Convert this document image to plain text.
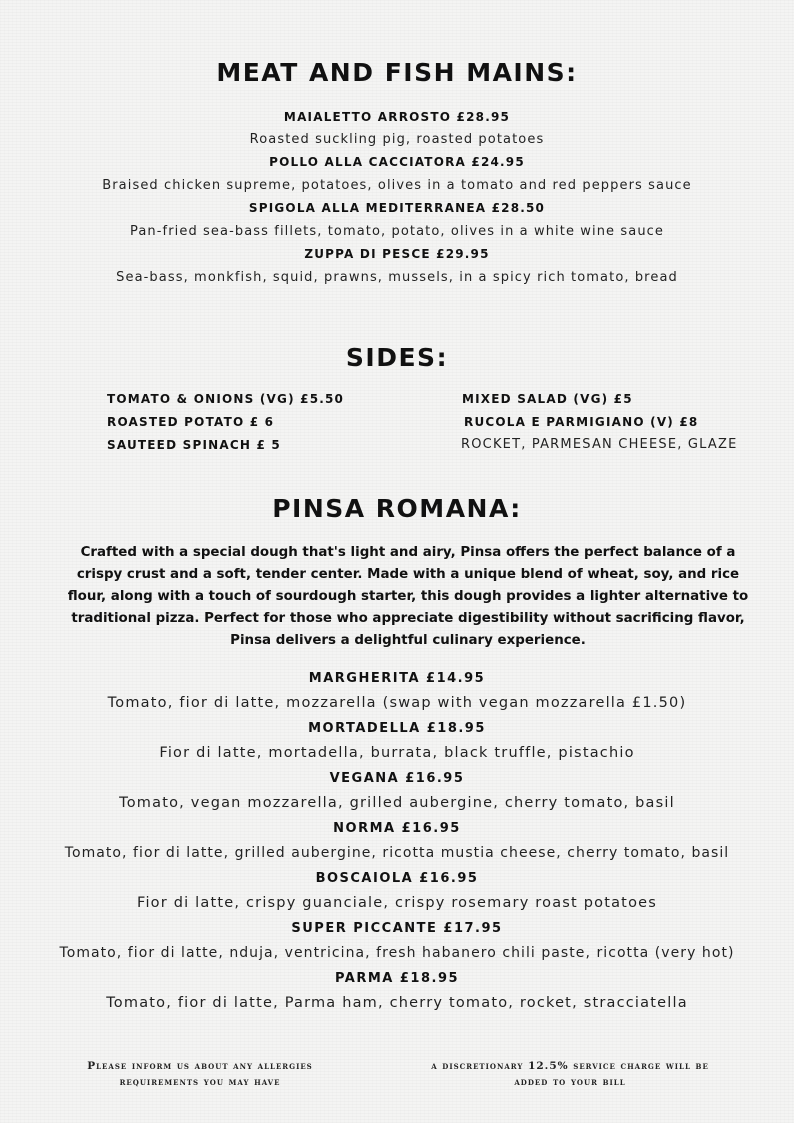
MEAT AND FISH MAINS:

MAIALETTO ARROSTO £28.95

Roasted suckling pig, roasted potatoes

POLLO ALLA CACCIATORA £24.95

Braised chicken supreme, potatoes, olives in a tomato and red peppers sauce

SPIGOLA ALLA MEDITERRANEA £28.50

Pan-fried sea-bass fillets, tomato, potato, olives in a white wine sauce

ZUPPA DI PESCE £29.95

Sea-bass, monkfish, squid, prawns, mussels, in a spicy rich tomato, bread

SIDES:

TOMATO & ONIONS (VG) £5.50

ROASTED POTATO £ 6

SAUTEED SPINACH £ 5

MIXED SALAD (VG) £5

RUCOLA E PARMIGIANO (V) £8

ROCKET, PARMESAN CHEESE, GLAZE

PINSA ROMANA:

Crafted with a special dough that's light and airy, Pinsa offers the perfect balance of a crispy crust and a soft, tender center. Made with a unique blend of wheat, soy, and rice flour, along with a touch of sourdough starter, this dough provides a lighter alternative to traditional pizza. Perfect for those who appreciate digestibility without sacrificing flavor, Pinsa delivers a delightful culinary experience.

MARGHERITA £14.95

Tomato, fior di latte, mozzarella (swap with vegan mozzarella £1.50)

MORTADELLA £18.95

Fior di latte, mortadella, burrata, black truffle, pistachio

VEGANA £16.95

Tomato, vegan mozzarella, grilled aubergine, cherry tomato, basil

NORMA £16.95

Tomato, fior di latte, grilled aubergine, ricotta mustia cheese, cherry tomato, basil

BOSCAIOLA £16.95

Fior di latte, crispy guanciale, crispy rosemary roast potatoes

SUPER PICCANTE £17.95

Tomato, fior di latte, nduja, ventricina, fresh habanero chili paste, ricotta (very hot)

PARMA £18.95

Tomato, fior di latte, Parma ham, cherry tomato, rocket, stracciatella

Please inform us about any allergies
requirements you may have
a discretionary 12.5% service charge will be
added to your bill
